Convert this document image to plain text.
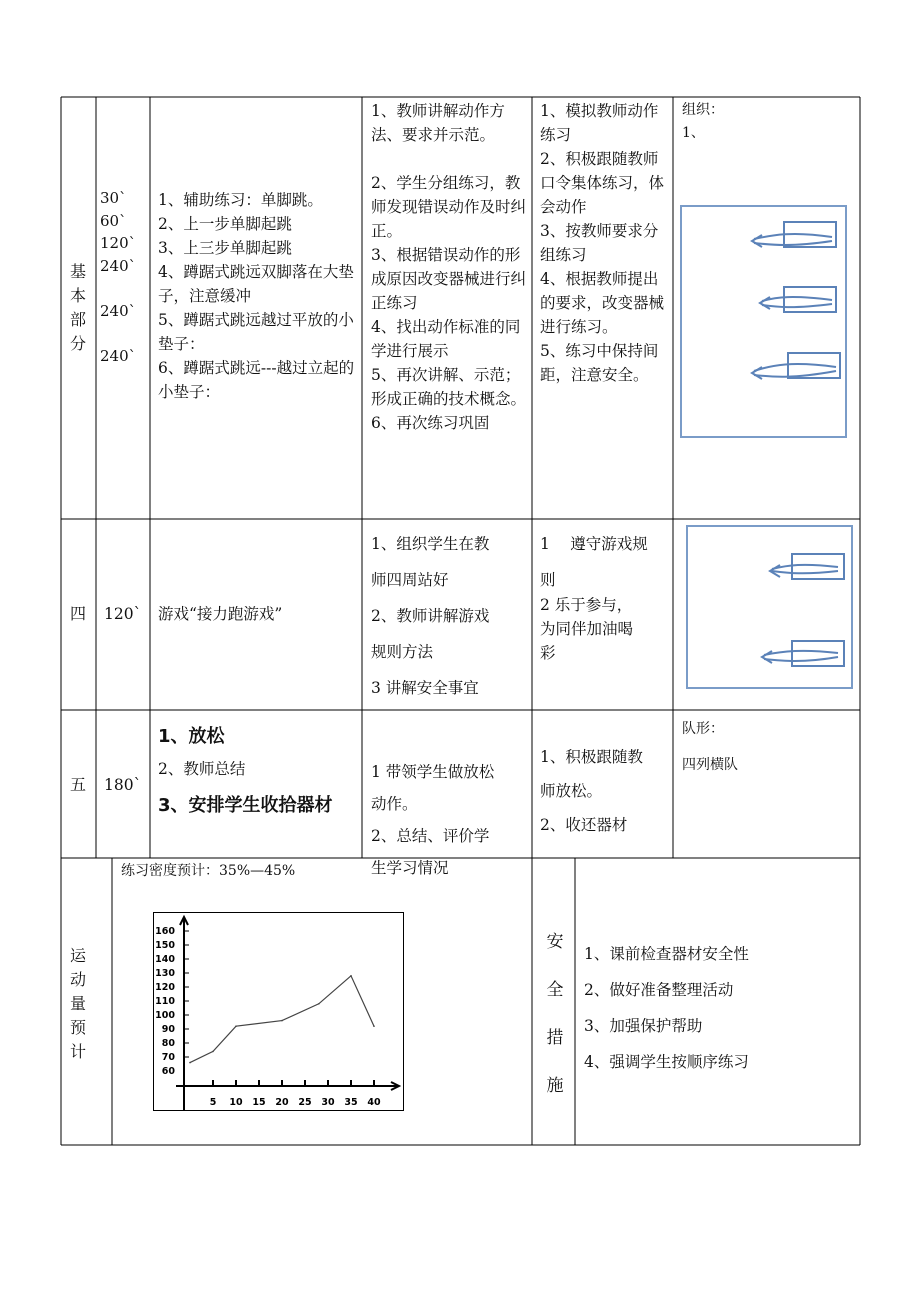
基
本
部
分
30`
60`
120`
240`
240`
240`
1、辅助练习：单脚跳。
2、上一步单脚起跳
3、上三步单脚起跳
4、蹲踞式跳远双脚落在大垫子，注意缓冲
5、蹲踞式跳远越过平放的小垫子：
6、蹲踞式跳远---越过立起的小垫子：
1、教师讲解动作方法、要求并示范。

2、学生分组练习，教师发现错误动作及时纠正。
3、根据错误动作的形成原因改变器械进行纠正练习
4、找出动作标准的同学进行展示
5、再次讲解、示范；形成正确的技术概念。
6、再次练习巩固
1、模拟教师动作练习
2、积极跟随教师口令集体练习，体会动作
3、按教师要求分组练习
4、根据教师提出的要求，改变器械进行练习。
5、练习中保持间距，注意安全。
组织：
1、
四	120` 游戏“接力跑游戏”
1、组织学生在教
师四周站好
2、教师讲解游戏
规则方法
3 讲解安全事宜
1　 遵守游戏规
则
2 乐于参与，
为同伴加油喝
彩
五	180`
1、放松
2、教师总结
3、安排学生收拾器材

1 带领学生做放松
动作。
2、总结、评价学
生学习情况

1、积极跟随教
师放松。
2、收还器材
队形：
四列横队
运
动
量
预
计
练习密度预计：35%—45%
60
70
80
90
100
110
120
130
140
150
160
5 10 15 20 25 30 35 40
安
全
措
施
1、课前检查器材安全性
2、做好准备整理活动
3、加强保护帮助
4、强调学生按顺序练习
